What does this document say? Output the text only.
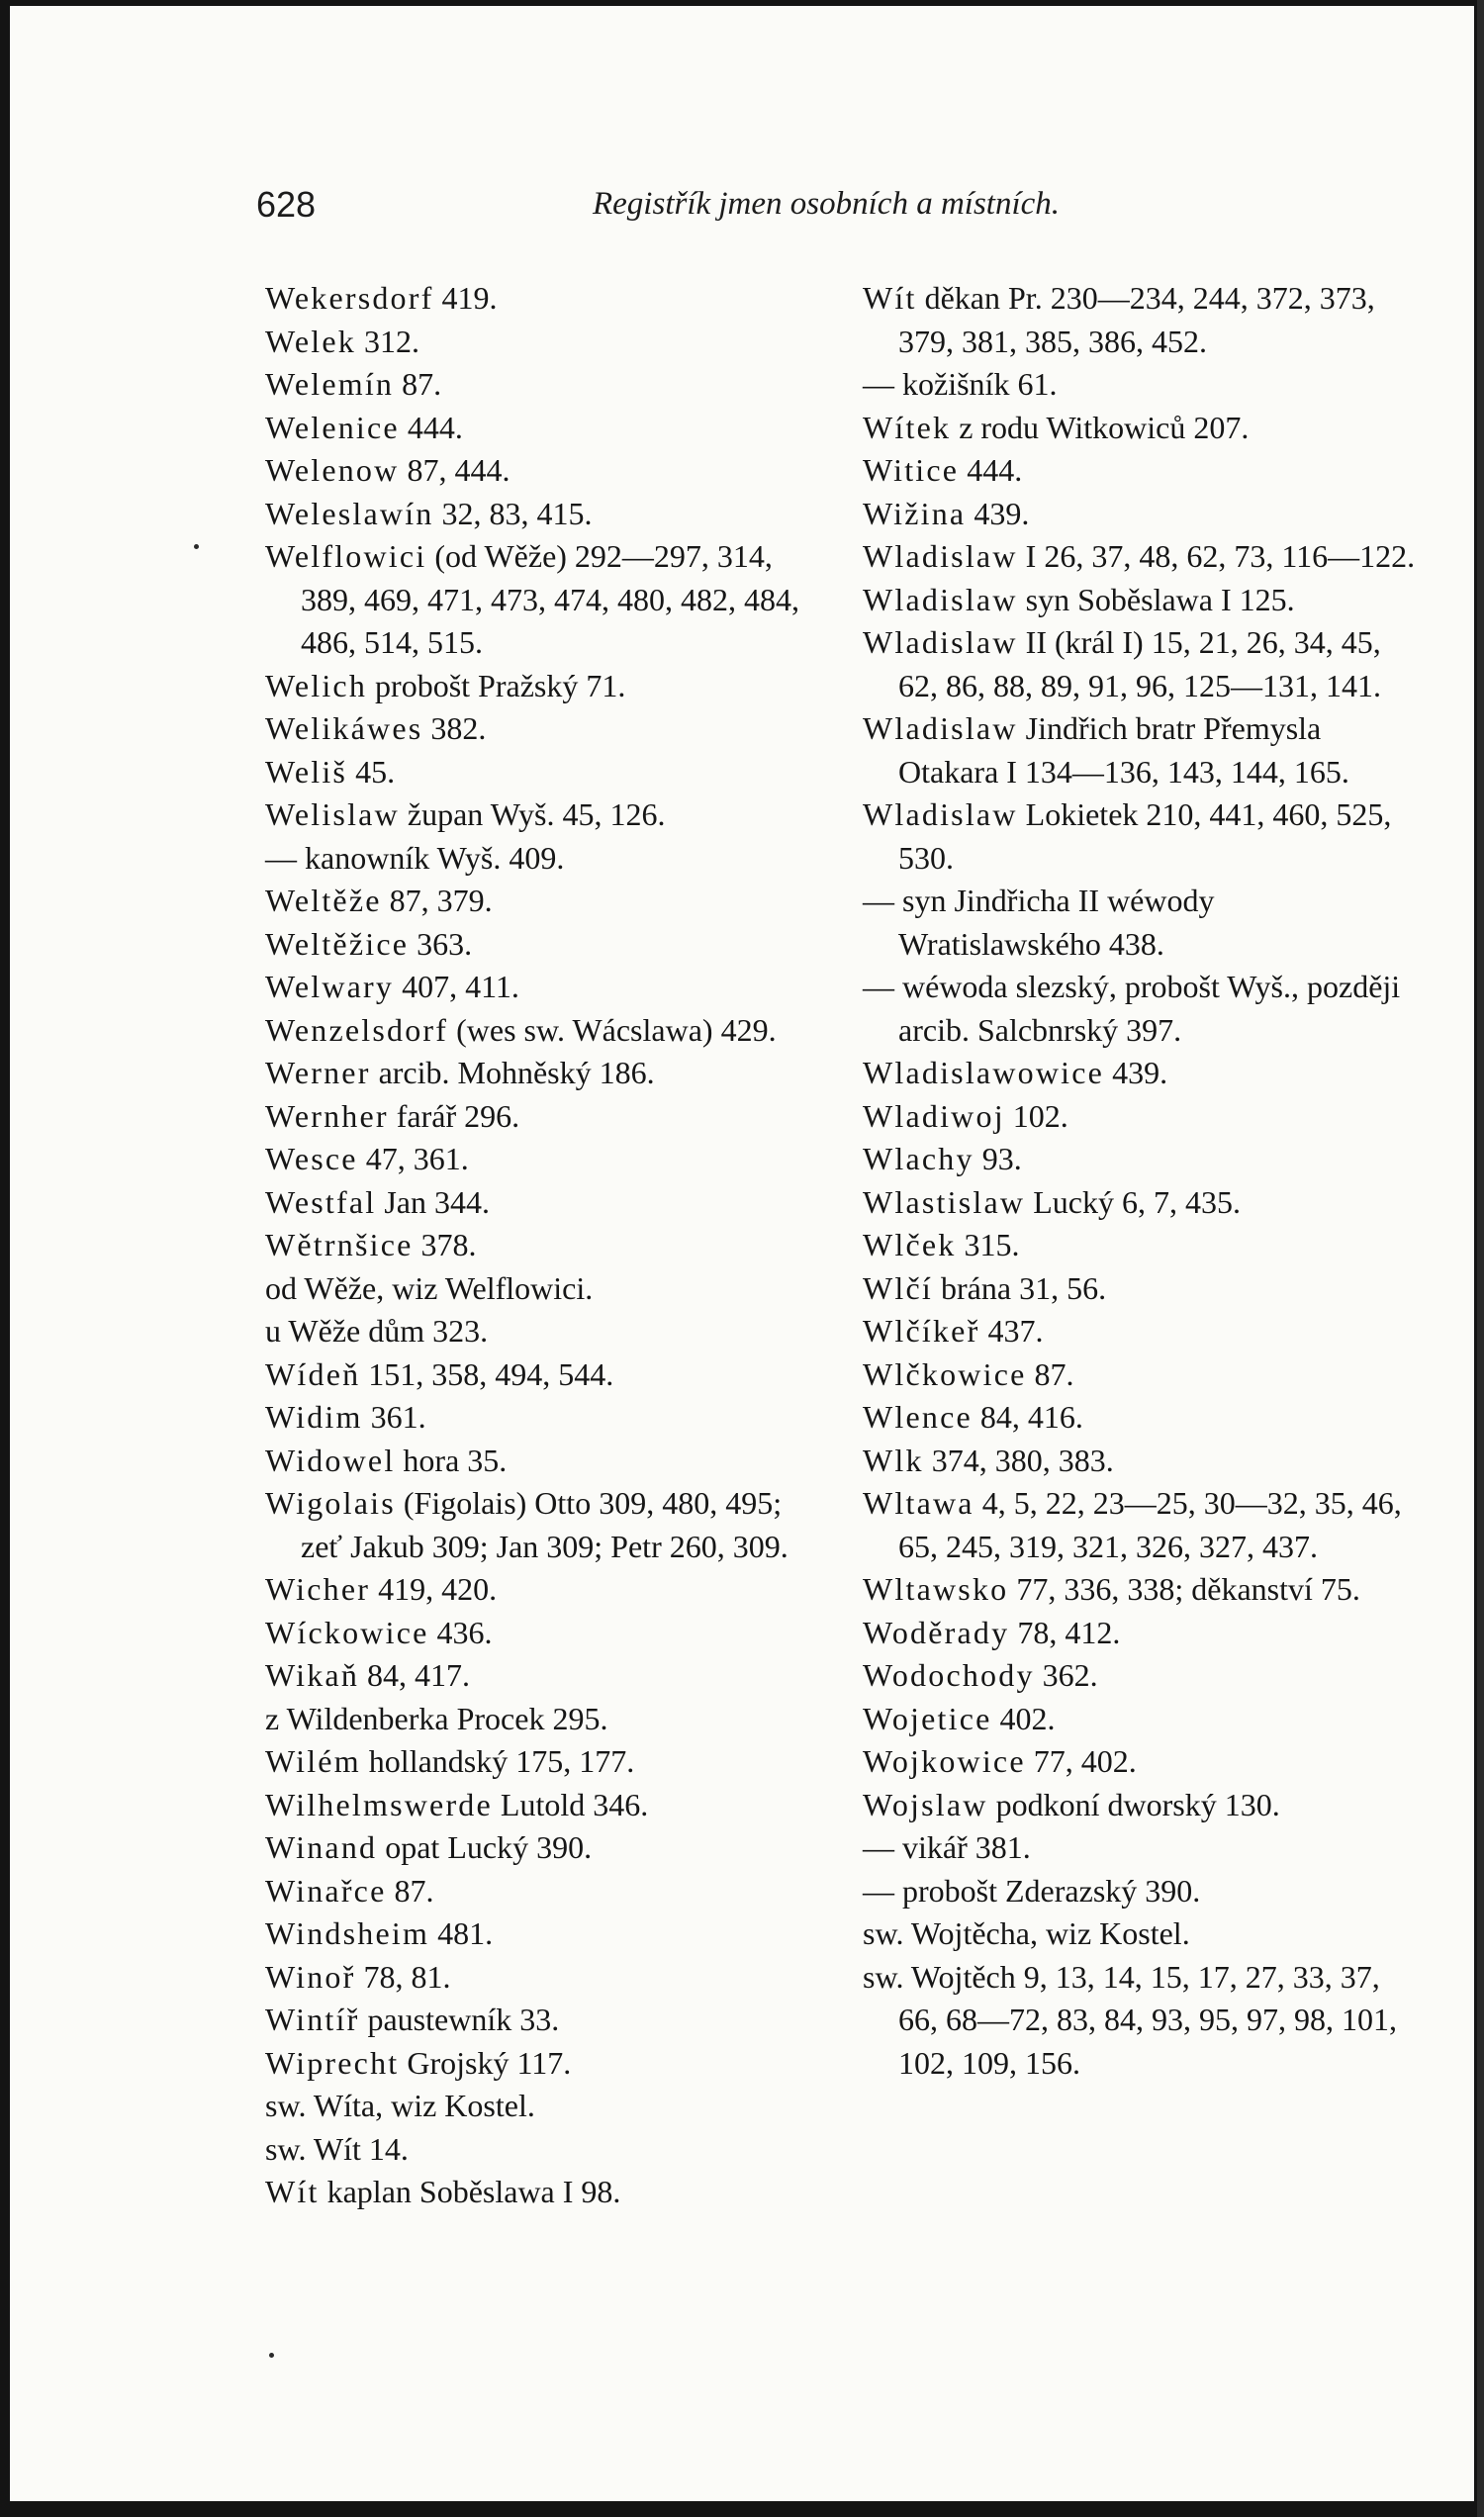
628	Registřík jmen osobních a místních.
Wekersdorf 419.
Welek 312.
Welemín 87.
Welenice 444.
Welenow 87, 444.
Weleslawín 32, 83, 415.
Welflowici (od Wěže) 292—297, 314, 389, 469, 471, 473, 474, 480, 482, 484, 486, 514, 515.
Welich probošt Pražský 71.
Welikáwes 382.
Weliš 45.
Welislaw župan Wyš. 45, 126.
— kanowník Wyš. 409.
Weltěže 87, 379.
Weltěžice 363.
Welwary 407, 411.
Wenzelsdorf (wes sw. Wácslawa) 429.
Werner arcib. Mohněský 186.
Wernher farář 296.
Wesce 47, 361.
Westfal Jan 344.
Wětrnšice 378.
od Wěže, wiz Welflowici.
u Wěže dům 323.
Wídeň 151, 358, 494, 544.
Widim 361.
Widowel hora 35.
Wigolais (Figolais) Otto 309, 480, 495; zeť Jakub 309; Jan 309; Petr 260, 309.
Wicher 419, 420.
Wíckowice 436.
Wikaň 84, 417.
z Wildenberka Procek 295.
Wilém hollandský 175, 177.
Wilhelmswerde Lutold 346.
Winand opat Lucký 390.
Winařce 87.
Windsheim 481.
Winoř 78, 81.
Wintíř paustewník 33.
Wiprecht Grojský 117.
sw. Wíta, wiz Kostel.
sw. Wít 14.
Wít kaplan Soběslawa I 98.
Wít děkan Pr. 230—234, 244, 372, 373, 379, 381, 385, 386, 452.
— kožišník 61.
Wítek z rodu Witkowiců 207.
Witice 444.
Wižina 439.
Wladislaw I 26, 37, 48, 62, 73, 116—122.
Wladislaw syn Soběslawa I 125.
Wladislaw II (král I) 15, 21, 26, 34, 45, 62, 86, 88, 89, 91, 96, 125—131, 141.
Wladislaw Jindřich bratr Přemysla Otakara I 134—136, 143, 144, 165.
Wladislaw Lokietek 210, 441, 460, 525, 530.
— syn Jindřicha II wéwody Wratislawského 438.
— wéwoda slezský, probošt Wyš., později arcib. Salcbnrský 397.
Wladislawowice 439.
Wladiwoj 102.
Wlachy 93.
Wlastislaw Lucký 6, 7, 435.
Wlček 315.
Wlčí brána 31, 56.
Wlčíkeř 437.
Wlčkowice 87.
Wlence 84, 416.
Wlk 374, 380, 383.
Wltawa 4, 5, 22, 23—25, 30—32, 35, 46, 65, 245, 319, 321, 326, 327, 437.
Wltawsko 77, 336, 338; děkanství 75.
Woděrady 78, 412.
Wodochody 362.
Wojetice 402.
Wojkowice 77, 402.
Wojslaw podkoní dworský 130.
— vikář 381.
— probošt Zderazský 390.
sw. Wojtěcha, wiz Kostel.
sw. Wojtěch 9, 13, 14, 15, 17, 27, 33, 37, 66, 68—72, 83, 84, 93, 95, 97, 98, 101, 102, 109, 156.
